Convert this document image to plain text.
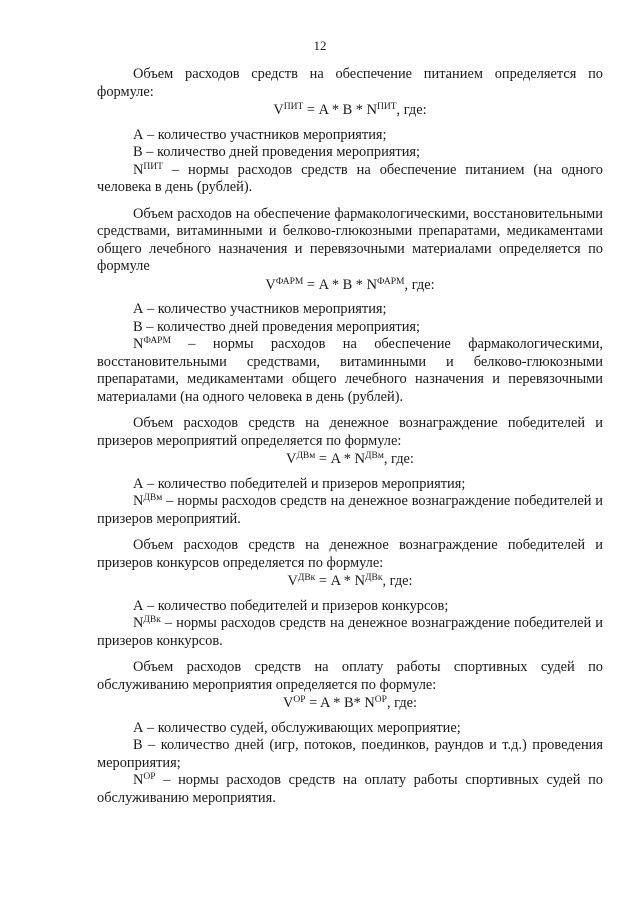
12

Объем расходов средств на обеспечение питанием определяется по формуле:

$V^{ПИТ} = A * B * N^{ПИТ}$, где:

А – количество участников мероприятия;

В – количество дней проведения мероприятия;

$N^{ПИТ}$ – нормы расходов средств на обеспечение питанием (на одного человека в день (рублей).

Объем расходов на обеспечение фармакологическими, восстановительными средствами, витаминными и белково-глюкозными препаратами, медикаментами общего лечебного назначения и перевязочными материалами определяется по формуле

$V^{ФАРМ} = A * B * N^{ФАРМ}$, где:

А – количество участников мероприятия;

В – количество дней проведения мероприятия;

$N^{ФАРМ}$ – нормы расходов на обеспечение фармакологическими, восстановительными средствами, витаминными и белково-глюкозными препаратами, медикаментами общего лечебного назначения и перевязочными материалами (на одного человека в день (рублей).

Объем расходов средств на денежное вознаграждение победителей и призеров мероприятий определяется по формуле:

$V^{ДВм} = A * N^{ДВм}$, где:

А – количество победителей и призеров мероприятия;

$N^{ДВм}$ – нормы расходов средств на денежное вознаграждение победителей и призеров мероприятий.

Объем расходов средств на денежное вознаграждение победителей и призеров конкурсов определяется по формуле:

$V^{ДВк} = A * N^{ДВк}$, где:

А – количество победителей и призеров конкурсов;

$N^{ДВк}$ – нормы расходов средств на денежное вознаграждение победителей и призеров конкурсов.

Объем расходов средств на оплату работы спортивных судей по обслуживанию мероприятия определяется по формуле:

$V^{OP} = A * B*$ $N^{OP}$, где:

А – количество судей, обслуживающих мероприятие;

В – количество дней (игр, потоков, поединков, раундов и т.д.) проведения мероприятия;

$N^{OP}$ – нормы расходов средств на оплату работы спортивных судей по обслуживанию мероприятия.
